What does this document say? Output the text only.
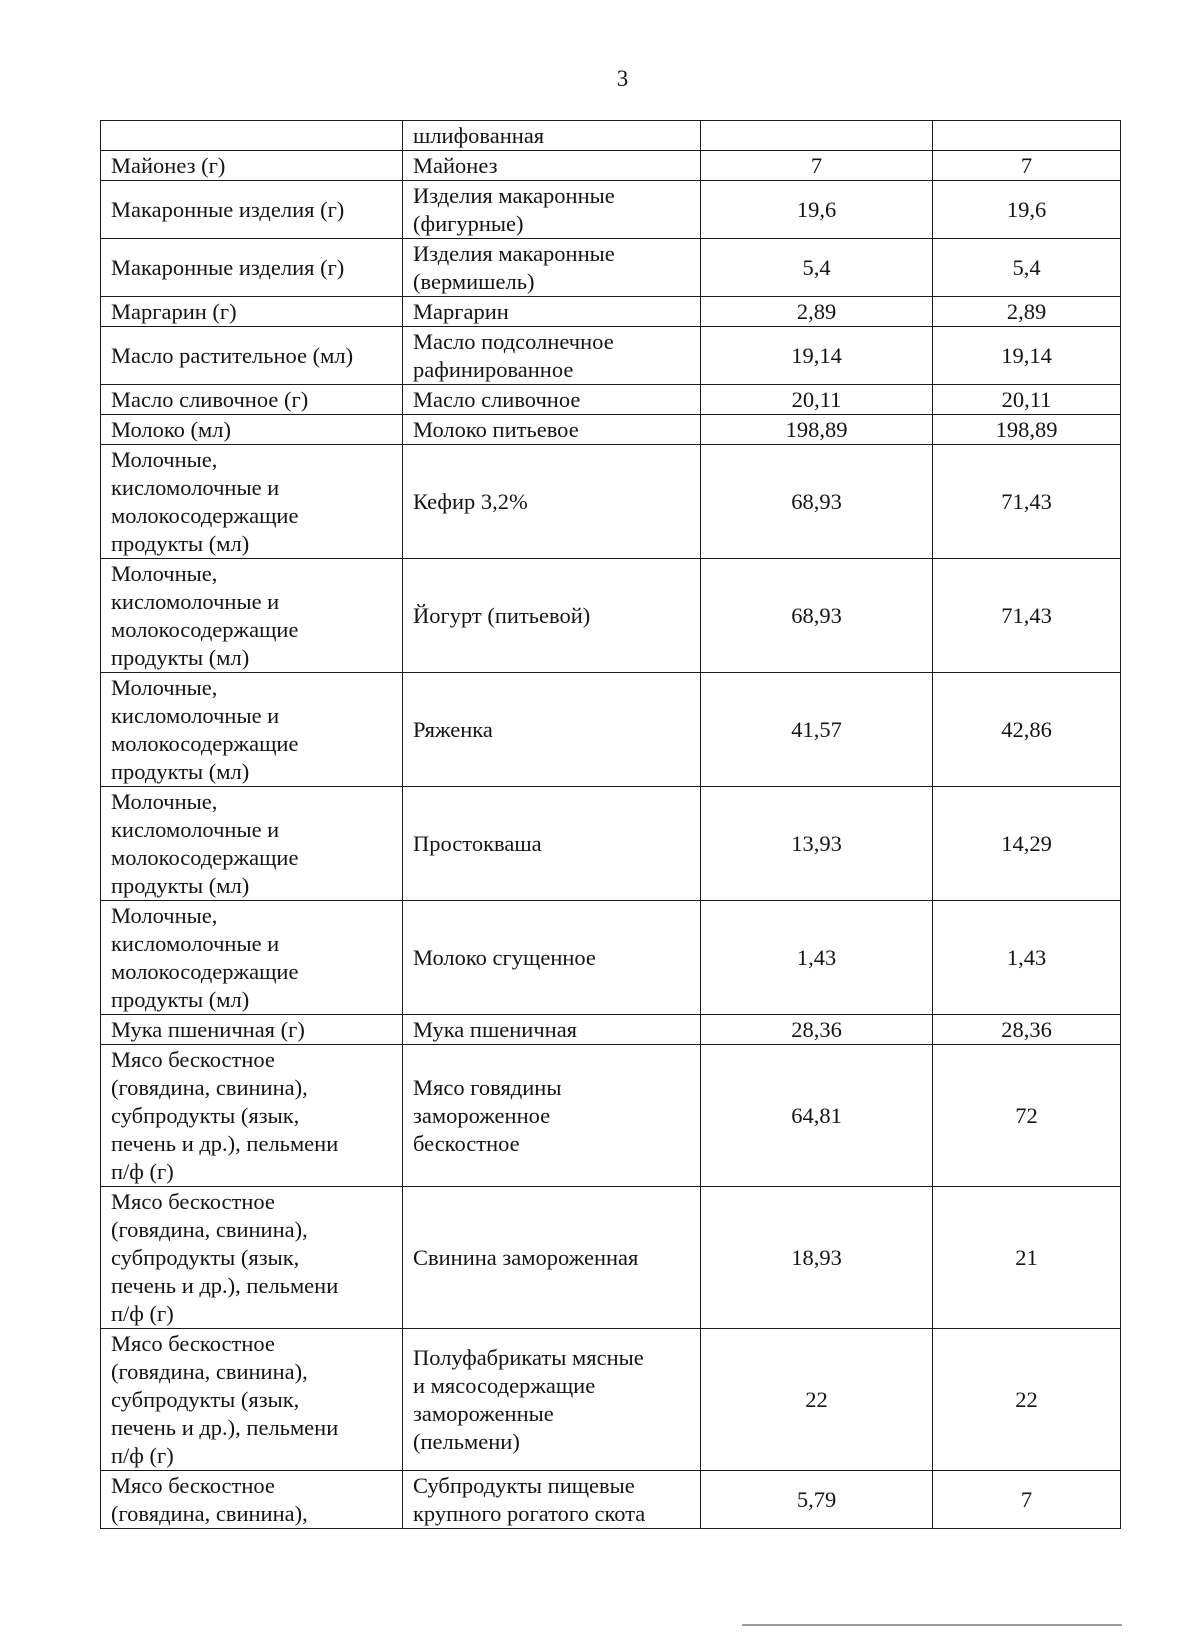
3

	шлифованная		

Майонез (г)	Майонез	7	7

Макаронные изделия (г)	Изделия макаронные
(фигурные)	19,6	19,6

Макаронные изделия (г)	Изделия макаронные
(вермишель)	5,4	5,4

Маргарин (г)	Маргарин	2,89	2,89

Масло растительное (мл)	Масло подсолнечное
рафинированное	19,14	19,14

Масло сливочное (г)	Масло сливочное	20,11	20,11

Молоко (мл)	Молоко питьевое	198,89	198,89

Молочные,
кисломолочные и
молокосодержащие
продукты (мл)	Кефир 3,2%	68,93	71,43

Молочные,
кисломолочные и
молокосодержащие
продукты (мл)	Йогурт (питьевой)	68,93	71,43

Молочные,
кисломолочные и
молокосодержащие
продукты (мл)	Ряженка	41,57	42,86

Молочные,
кисломолочные и
молокосодержащие
продукты (мл)	Простокваша	13,93	14,29

Молочные,
кисломолочные и
молокосодержащие
продукты (мл)	Молоко сгущенное	1,43	1,43

Мука пшеничная (г)	Мука пшеничная	28,36	28,36

Мясо бескостное
(говядина, свинина),
субпродукты (язык,
печень и др.), пельмени
п/ф (г)	Мясо говядины
замороженное
бескостное	64,81	72

Мясо бескостное
(говядина, свинина),
субпродукты (язык,
печень и др.), пельмени
п/ф (г)	Свинина замороженная	18,93	21

Мясо бескостное
(говядина, свинина),
субпродукты (язык,
печень и др.), пельмени
п/ф (г)	Полуфабрикаты мясные
и мясосодержащие
замороженные
(пельмени)	22	22

Мясо бескостное
(говядина, свинина),	Субпродукты пищевые
крупного рогатого скота	5,79	7
